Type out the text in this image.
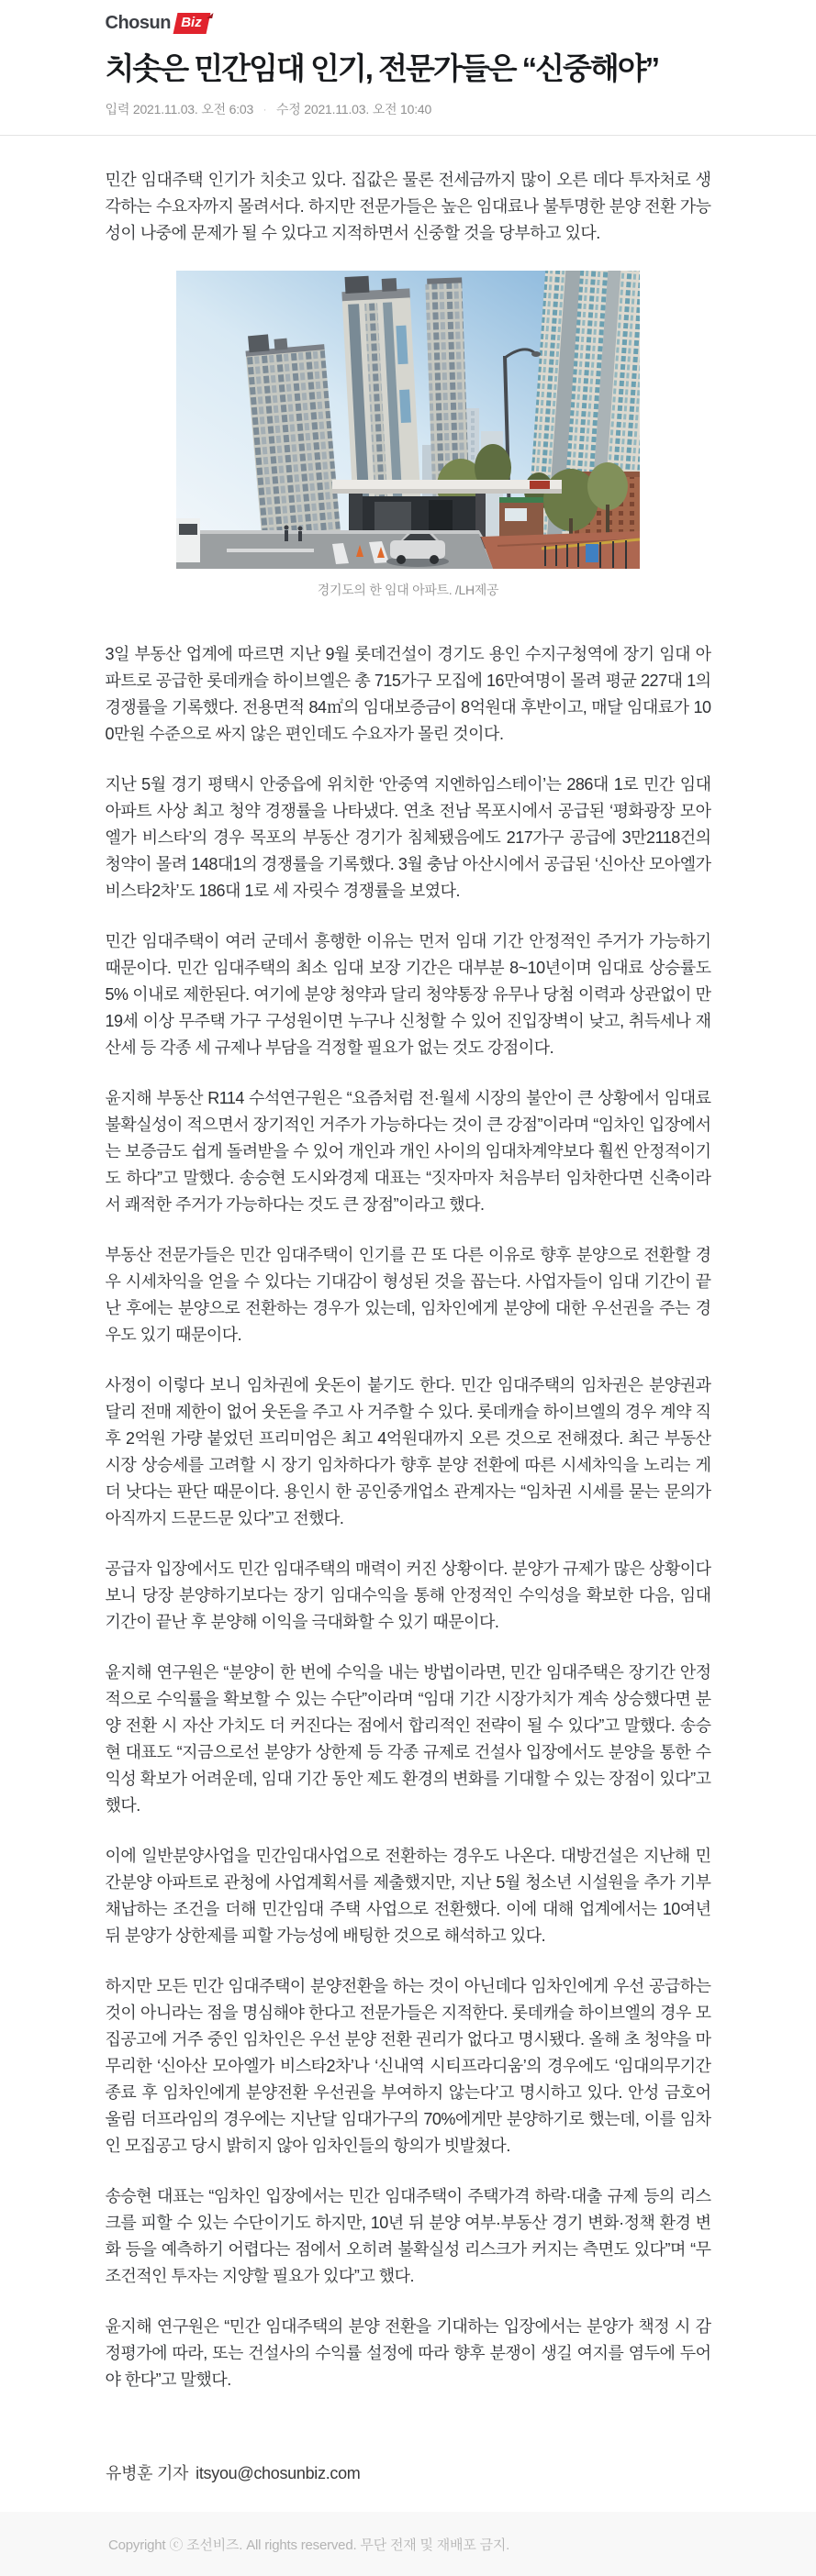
Chosun Biz
치솟은 민간임대 인기, 전문가들은 “신중해야”
입력 2021.11.03. 오전 6:03 · 수정 2021.11.03. 오전 10:40

민간 임대주택 인기가 치솟고 있다. 집값은 물론 전세금까지 많이 오른 데다 투자처로 생각하는 수요자까지 몰려서다. 하지만 전문가들은 높은 임대료나 불투명한 분양 전환 가능성이 나중에 문제가 될 수 있다고 지적하면서 신중할 것을 당부하고 있다.

경기도의 한 임대 아파트. /LH제공

3일 부동산 업계에 따르면 지난 9월 롯데건설이 경기도 용인 수지구청역에 장기 임대 아파트로 공급한 롯데캐슬 하이브엘은 총 715가구 모집에 16만여명이 몰려 평균 227대 1의 경쟁률을 기록했다. 전용면적 84㎡의 임대보증금이 8억원대 후반이고, 매달 임대료가 100만원 수준으로 싸지 않은 편인데도 수요자가 몰린 것이다.

지난 5월 경기 평택시 안중읍에 위치한 ‘안중역 지엔하임스테이’는 286대 1로 민간 임대 아파트 사상 최고 청약 경쟁률을 나타냈다. 연초 전남 목포시에서 공급된 ‘평화광장 모아엘가 비스타’의 경우 목포의 부동산 경기가 침체됐음에도 217가구 공급에 3만2118건의 청약이 몰려 148대1의 경쟁률을 기록했다. 3월 충남 아산시에서 공급된 ‘신아산 모아엘가 비스타2차’도 186대 1로 세 자릿수 경쟁률을 보였다.

민간 임대주택이 여러 군데서 흥행한 이유는 먼저 임대 기간 안정적인 주거가 가능하기 때문이다. 민간 임대주택의 최소 임대 보장 기간은 대부분 8~10년이며 임대료 상승률도 5% 이내로 제한된다. 여기에 분양 청약과 달리 청약통장 유무나 당첨 이력과 상관없이 만 19세 이상 무주택 가구 구성원이면 누구나 신청할 수 있어 진입장벽이 낮고, 취득세나 재산세 등 각종 세 규제나 부담을 걱정할 필요가 없는 것도 강점이다.

윤지해 부동산 R114 수석연구원은 “요즘처럼 전·월세 시장의 불안이 큰 상황에서 임대료 불확실성이 적으면서 장기적인 거주가 가능하다는 것이 큰 강점”이라며 “임차인 입장에서는 보증금도 쉽게 돌려받을 수 있어 개인과 개인 사이의 임대차계약보다 훨씬 안정적이기도 하다”고 말했다. 송승현 도시와경제 대표는 “짓자마자 처음부터 임차한다면 신축이라서 쾌적한 주거가 가능하다는 것도 큰 장점”이라고 했다.

부동산 전문가들은 민간 임대주택이 인기를 끈 또 다른 이유로 향후 분양으로 전환할 경우 시세차익을 얻을 수 있다는 기대감이 형성된 것을 꼽는다. 사업자들이 임대 기간이 끝난 후에는 분양으로 전환하는 경우가 있는데, 임차인에게 분양에 대한 우선권을 주는 경우도 있기 때문이다.

사정이 이렇다 보니 임차권에 웃돈이 붙기도 한다. 민간 임대주택의 임차권은 분양권과 달리 전매 제한이 없어 웃돈을 주고 사 거주할 수 있다. 롯데캐슬 하이브엘의 경우 계약 직후 2억원 가량 붙었던 프리미엄은 최고 4억원대까지 오른 것으로 전해졌다. 최근 부동산 시장 상승세를 고려할 시 장기 임차하다가 향후 분양 전환에 따른 시세차익을 노리는 게 더 낫다는 판단 때문이다. 용인시 한 공인중개업소 관계자는 “임차권 시세를 묻는 문의가 아직까지 드문드문 있다”고 전했다.

공급자 입장에서도 민간 임대주택의 매력이 커진 상황이다. 분양가 규제가 많은 상황이다 보니 당장 분양하기보다는 장기 임대수익을 통해 안정적인 수익성을 확보한 다음, 임대 기간이 끝난 후 분양해 이익을 극대화할 수 있기 때문이다.

윤지해 연구원은 “분양이 한 번에 수익을 내는 방법이라면, 민간 임대주택은 장기간 안정적으로 수익률을 확보할 수 있는 수단”이라며 “임대 기간 시장가치가 계속 상승했다면 분양 전환 시 자산 가치도 더 커진다는 점에서 합리적인 전략이 될 수 있다”고 말했다. 송승현 대표도 “지금으로선 분양가 상한제 등 각종 규제로 건설사 입장에서도 분양을 통한 수익성 확보가 어려운데, 임대 기간 동안 제도 환경의 변화를 기대할 수 있는 장점이 있다”고 했다.

이에 일반분양사업을 민간임대사업으로 전환하는 경우도 나온다. 대방건설은 지난해 민간분양 아파트로 관청에 사업계획서를 제출했지만, 지난 5월 청소년 시설원을 추가 기부채납하는 조건을 더해 민간임대 주택 사업으로 전환했다. 이에 대해 업계에서는 10여년 뒤 분양가 상한제를 피할 가능성에 배팅한 것으로 해석하고 있다.

하지만 모든 민간 임대주택이 분양전환을 하는 것이 아닌데다 임차인에게 우선 공급하는 것이 아니라는 점을 명심해야 한다고 전문가들은 지적한다. 롯데캐슬 하이브엘의 경우 모집공고에 거주 중인 임차인은 우선 분양 전환 권리가 없다고 명시됐다. 올해 초 청약을 마무리한 ‘신아산 모아엘가 비스타2차’나 ‘신내역 시티프라디움’의 경우에도 ‘임대의무기간 종료 후 임차인에게 분양전환 우선권을 부여하지 않는다’고 명시하고 있다. 안성 금호어울림 더프라임의 경우에는 지난달 임대가구의 70%에게만 분양하기로 했는데, 이를 임차인 모집공고 당시 밝히지 않아 임차인들의 항의가 빗발쳤다.

송승현 대표는 “임차인 입장에서는 민간 임대주택이 주택가격 하락·대출 규제 등의 리스크를 피할 수 있는 수단이기도 하지만, 10년 뒤 분양 여부·부동산 경기 변화·정책 환경 변화 등을 예측하기 어렵다는 점에서 오히려 불확실성 리스크가 커지는 측면도 있다”며 “무조건적인 투자는 지양할 필요가 있다”고 했다.

윤지해 연구원은 “민간 임대주택의 분양 전환을 기대하는 입장에서는 분양가 책정 시 감정평가에 따라, 또는 건설사의 수익률 설정에 따라 향후 분쟁이 생길 여지를 염두에 두어야 한다”고 말했다.

유병훈 기자 itsyou@chosunbiz.com

Copyright ⓒ 조선비즈. All rights reserved. 무단 전재 및 재배포 금지.
